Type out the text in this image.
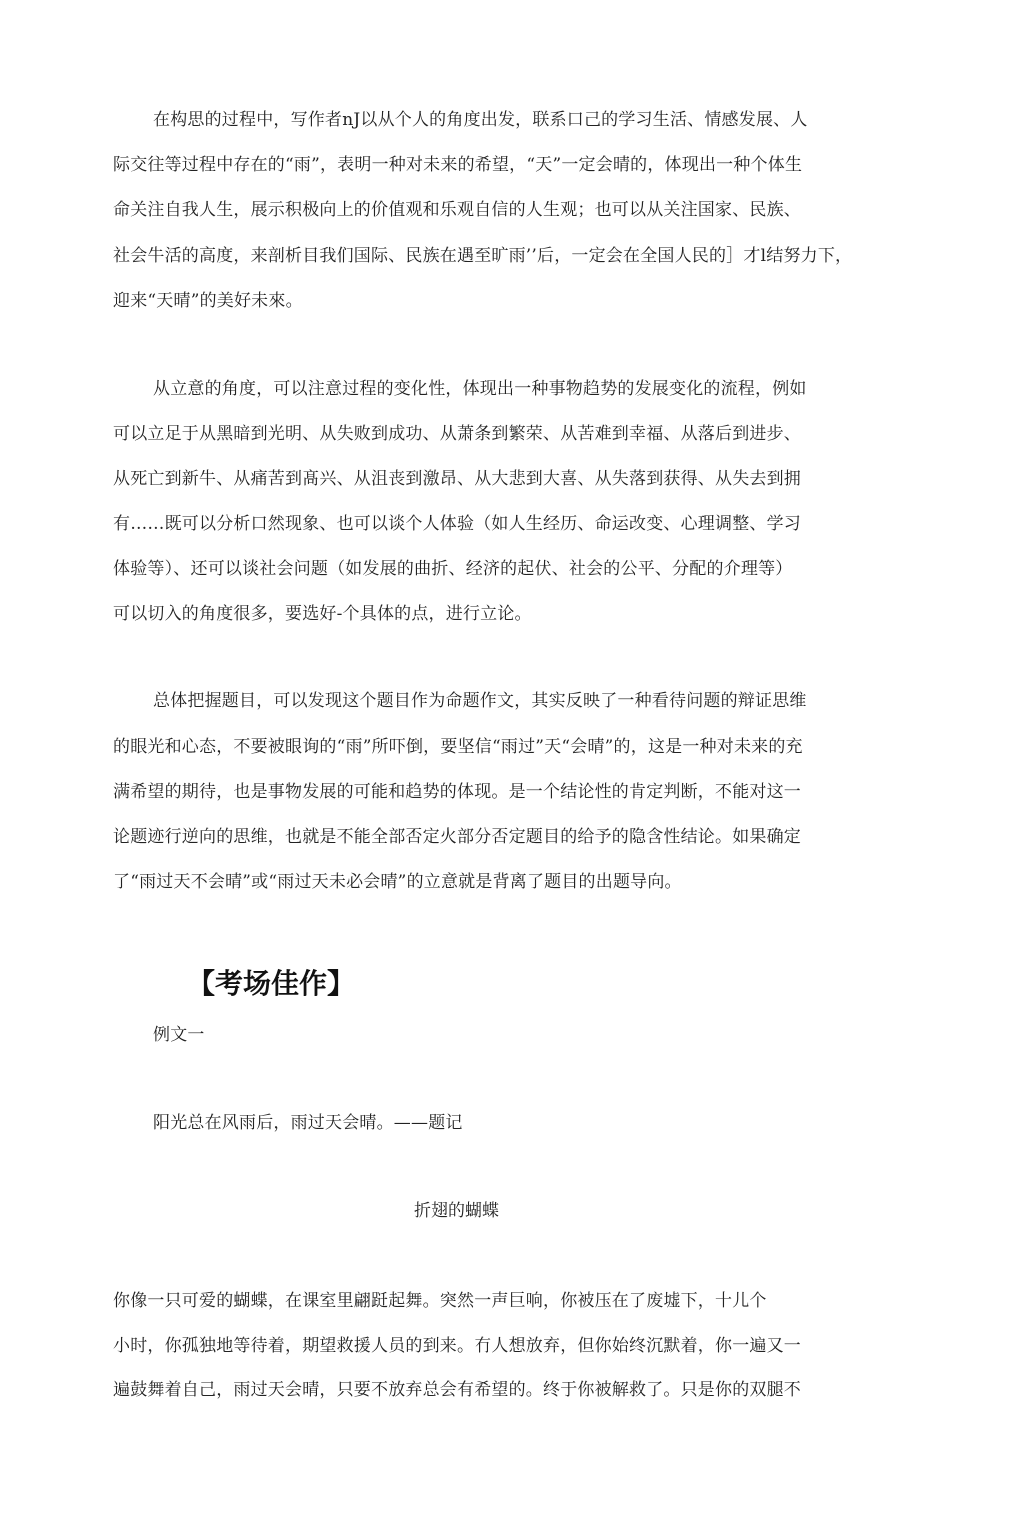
在构思的过程中，写作者nJ以从个人的角度出发，联系口己的学习生活、情感发展、人
际交往等过程中存在的“雨”，表明一种对未来的希望，“天”一定会晴的，体现出一种个体生
命关注自我人生，展示积极向上的价值观和乐观自信的人生观；也可以从关注国家、民族、
社会牛活的高度，来剖析目我们国际、民族在遇至旷雨’’后，一定会在全国人民的］才l结努力下，
迎来“天晴”的美好未來。
从立意的角度，可以注意过程的变化性，体现出一种事物趋势的发展变化的流程，例如
可以立足于从黑暗到光明、从失败到成功、从萧条到繁荣、从苦难到幸福、从落后到进步、
从死亡到新牛、从痛苦到髙兴、从沮丧到激昂、从大悲到大喜、从失落到获得、从失去到拥
有……既可以分析口然现象、也可以谈个人体验（如人生经历、命运改变、心理调整、学习
体验等）、还可以谈社会问题（如发展的曲折、经济的起伏、社会的公平、分配的介理等）
可以切入的角度很多，要选好-个具体的点，进行立论。
总体把握题目，可以发现这个题目作为命题作文，其实反映了一种看待问题的辩证思维
的眼光和心态，不要被眼询的“雨”所吓倒，要坚信“雨过”天“会晴”的，这是一种对未来的充
满希望的期待，也是事物发展的可能和趋势的体现。是一个结论性的肯定判断，不能对这一
论题迹行逆向的思维，也就是不能全部否定火部分否定题目的给予的隐含性结论。如果确定
了“雨过天不会晴”或“雨过天未必会晴”的立意就是背离了题目的出题导向。
【考场佳作】
例文一
阳光总在风雨后，雨过天会晴。——题记
折翅的蝴蝶
你像一只可爱的蝴蝶，在课室里翩跹起舞。突然一声巨响，你被压在了废墟下，十儿个
小时，你孤独地等待着，期望救援人员的到来。冇人想放弃，但你始终沉默着，你一遍又一
遍鼓舞着自己，雨过天会晴，只要不放弃总会有希望的。终于你被解救了。只是你的双腿不
